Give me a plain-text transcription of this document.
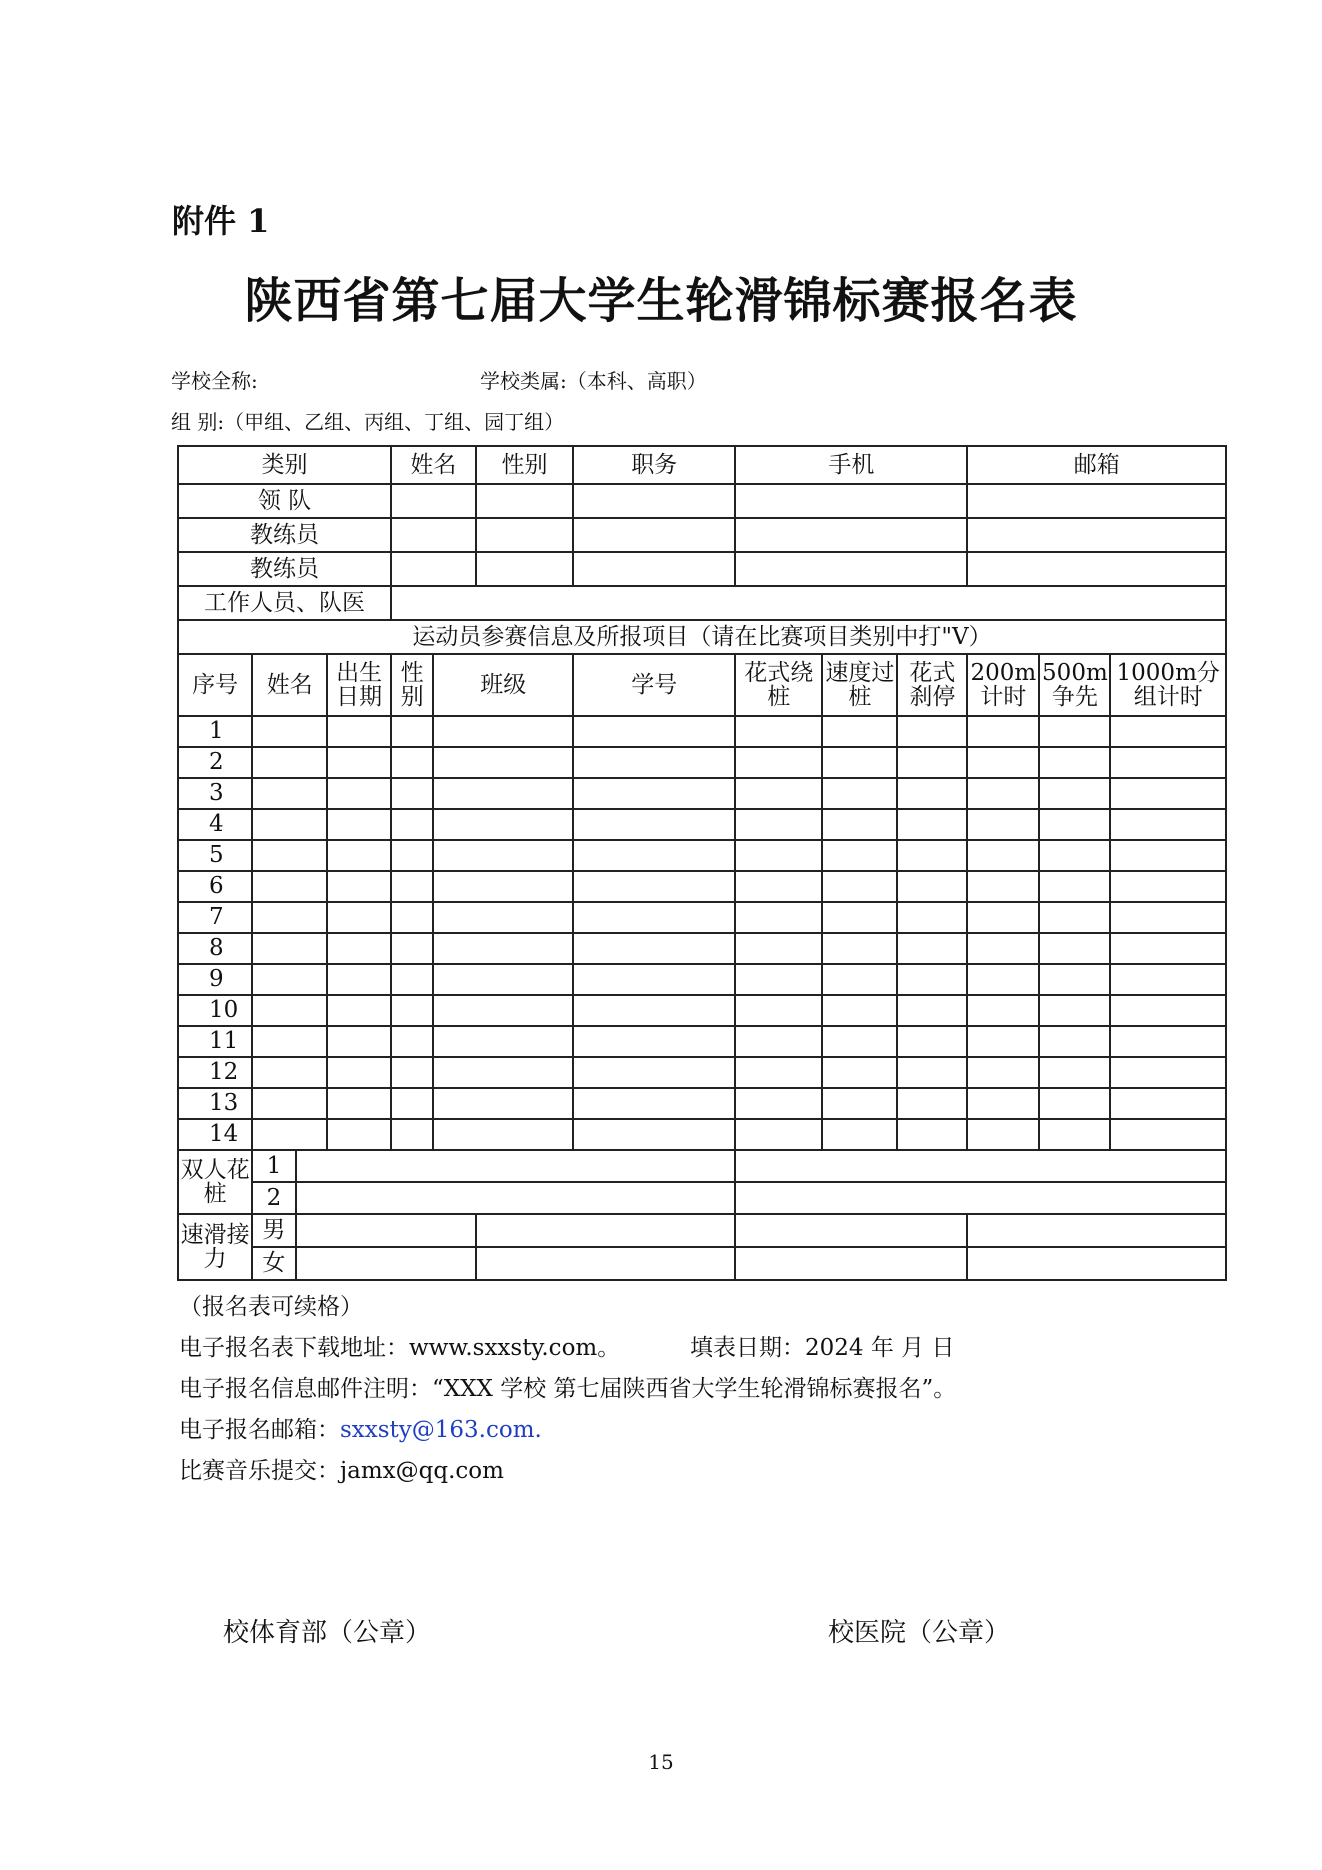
附件 1
陕西省第七届大学生轮滑锦标赛报名表
学校全称:	学校类属:（本科、高职）
组 别:（甲组、乙组、丙组、丁组、园丁组）
类别				姓名		性别	职务	手机			邮箱		
领 队													
教练员													
教练员													
工作人员、队医													
运动员参赛信息及所报项目（请在比赛项目类别中打"V）													
序号	姓名		出生日期	性别	班级		学号	花式绕桩	速度过桩	花式刹停	200m计时	500m争先	1000m分组计时
1													
2													
3													
4													
5													
6													
7													
8													
9													
10													
11													
12													
13													
14													
双人花桩	1												
	2												
速滑接力	男												
	女												
（报名表可续格）
电子报名表下载地址：www.sxxsty.com。	填表日期：2024 年 月 日
电子报名信息邮件注明：“XXX 学校 第七届陕西省大学生轮滑锦标赛报名”。
电子报名邮箱：sxxsty@163.com.
比赛音乐提交：jamx@qq.com
校体育部（公章）	校医院（公章）
15
